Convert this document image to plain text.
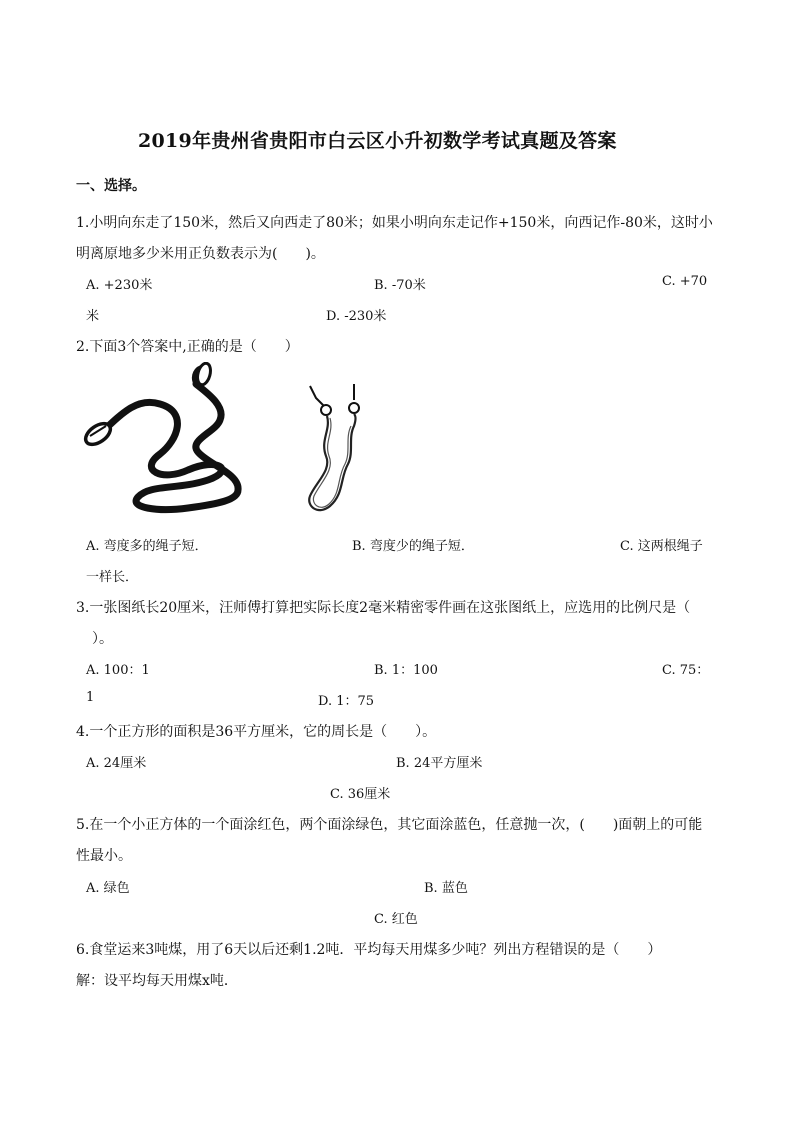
2019年贵州省贵阳市白云区小升初数学考试真题及答案
一、选择。
1.小明向东走了150米，然后又向西走了80米；如果小明向东走记作+150米，向西记作-80米，这时小
明离原地多少米用正负数表示为(　　)。
A. +230米	B. -70米	C. +70
米	D. -230米
2.下面3个答案中,正确的是（　　）
A. 弯度多的绳子短．	B. 弯度少的绳子短．	C. 这两根绳子
一样长．
3.一张图纸长20厘米，汪师傅打算把实际长度2毫米精密零件画在这张图纸上，应选用的比例尺是（
）。
A. 100：1	B. 1：100	C. 75：
1	D. 1：75
4.一个正方形的面积是36平方厘米，它的周长是（　　）。
A. 24厘米	B. 24平方厘米
C. 36厘米
5.在一个小正方体的一个面涂红色，两个面涂绿色，其它面涂蓝色，任意抛一次，(　　)面朝上的可能
性最小。
A. 绿色	B. 蓝色
C. 红色
6.食堂运来3吨煤，用了6天以后还剩1.2吨．平均每天用煤多少吨？列出方程错误的是（　　）
解：设平均每天用煤x吨．
